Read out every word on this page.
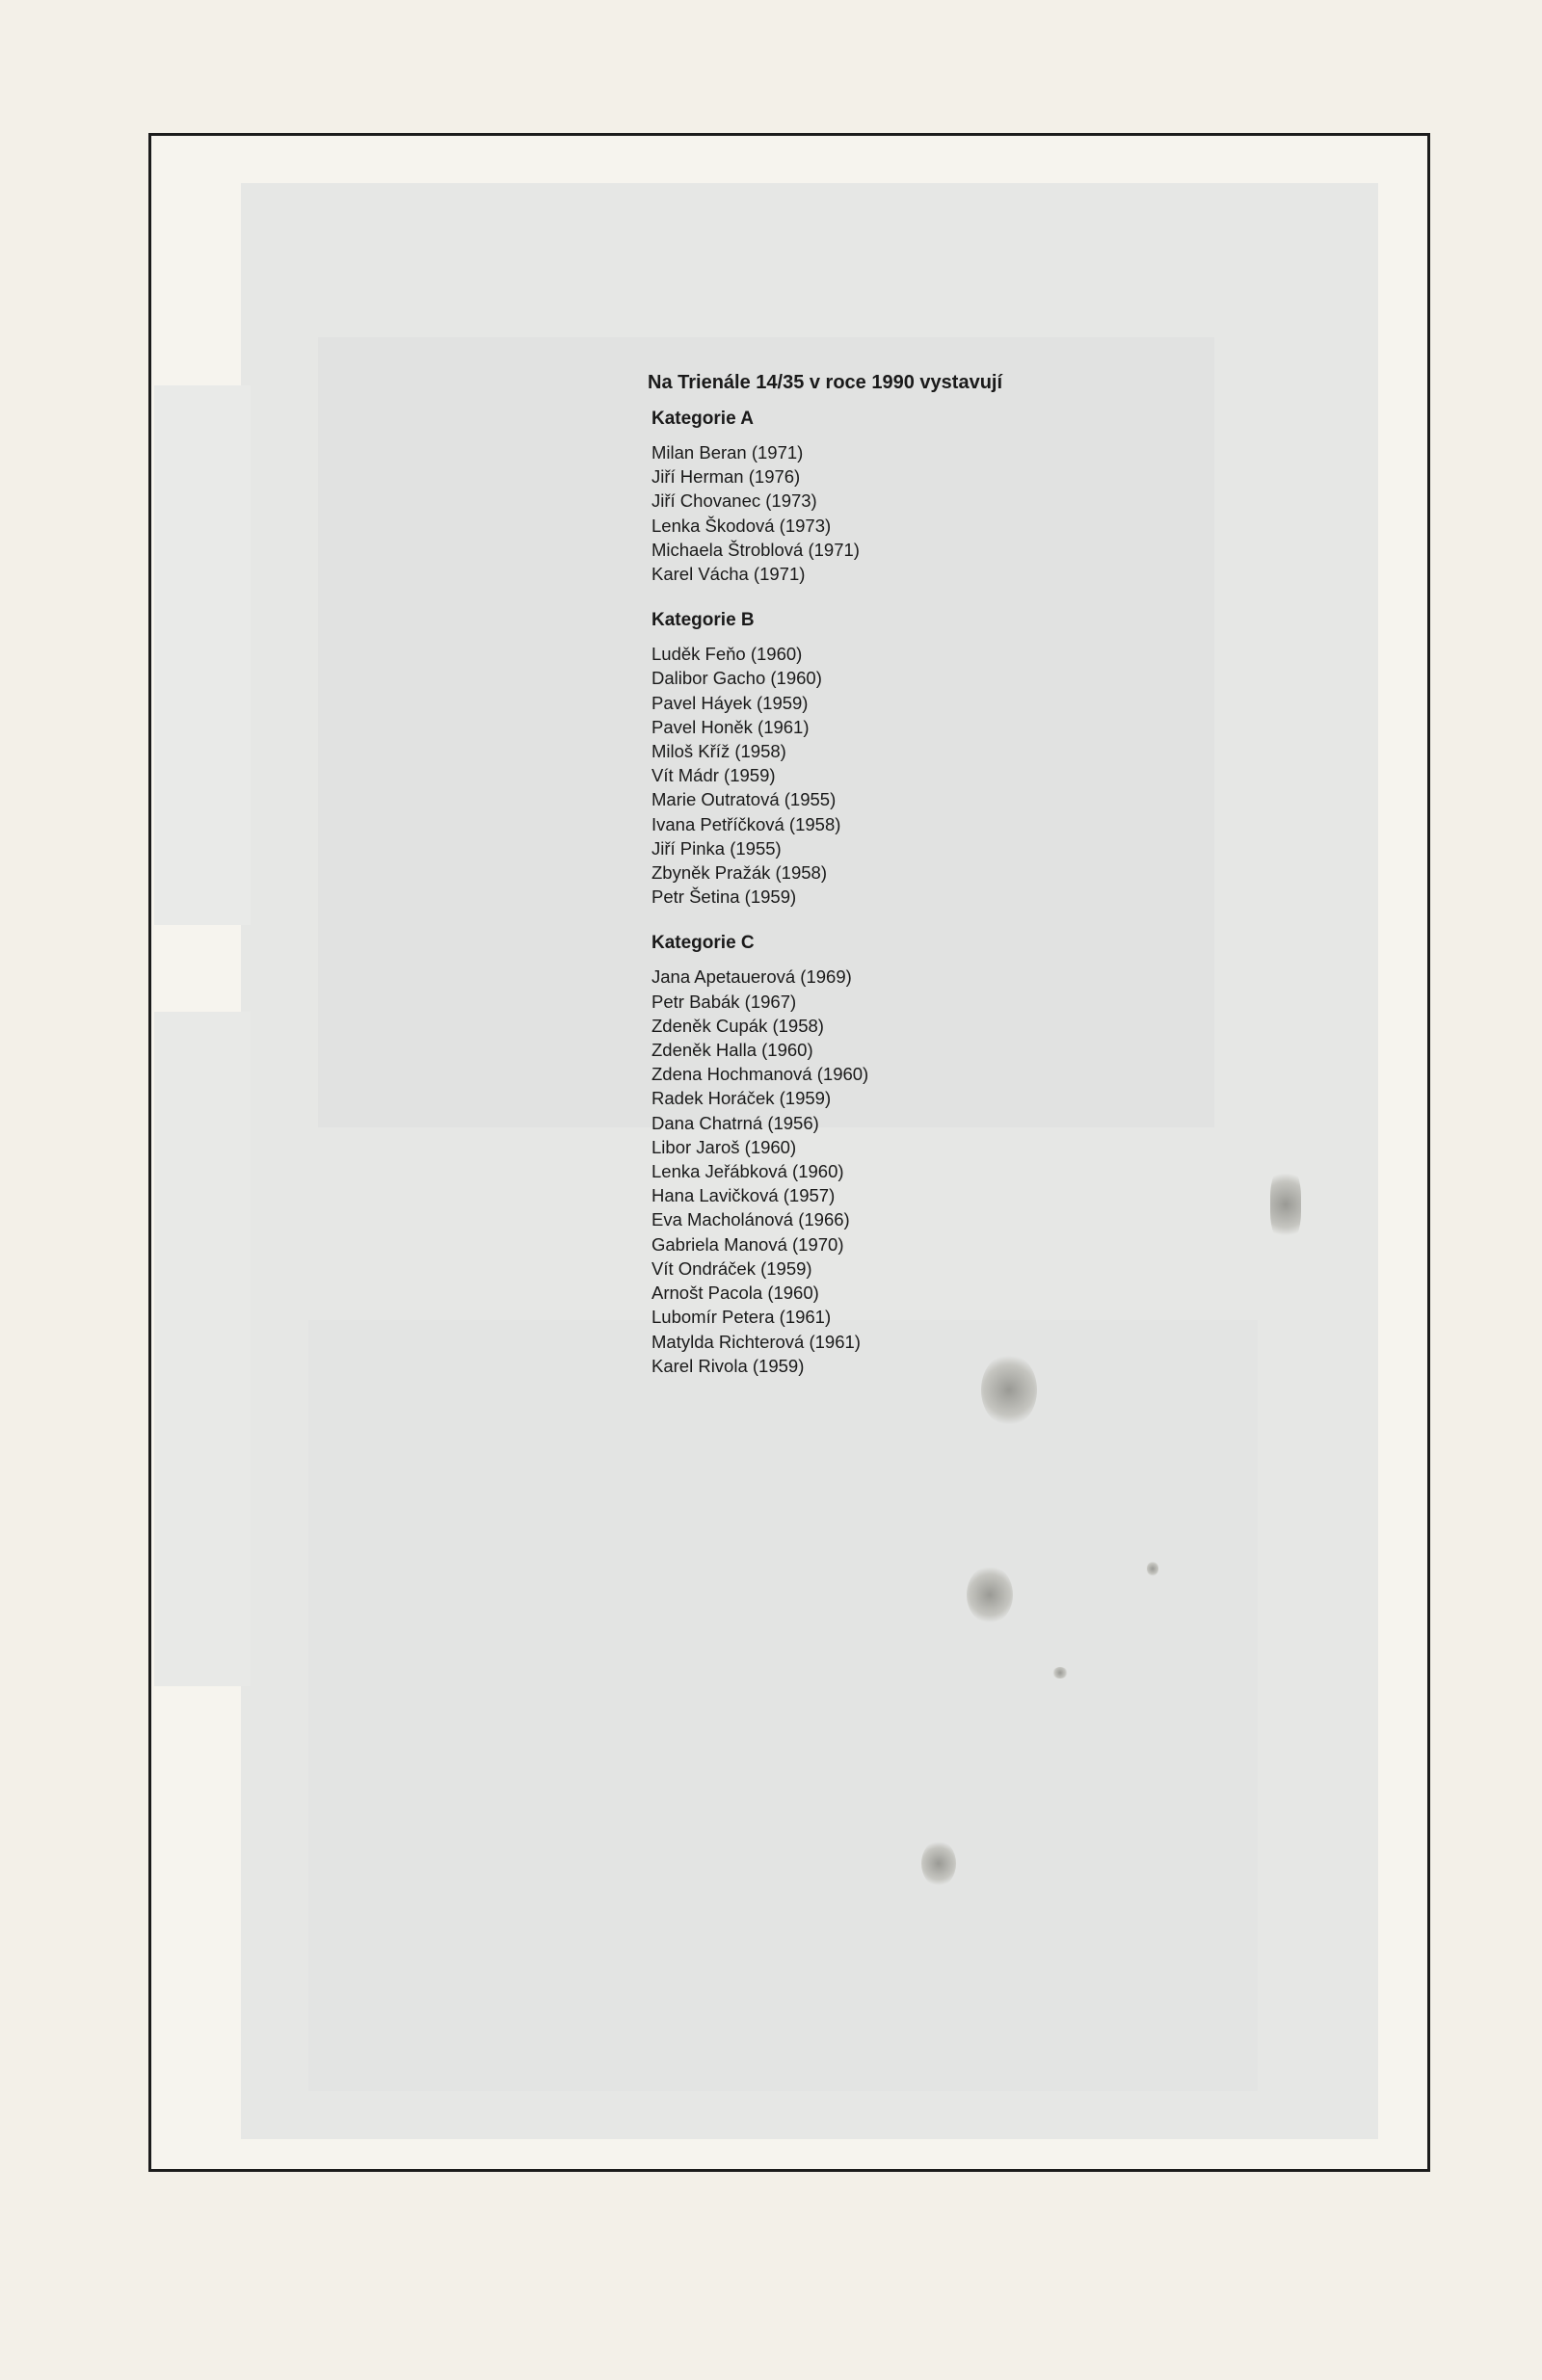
Na Trienále 14/35 v roce 1990 vystavují
Kategorie A
Milan Beran (1971)
Jiří Herman (1976)
Jiří Chovanec (1973)
Lenka Škodová (1973)
Michaela Štroblová (1971)
Karel Vácha (1971)
Kategorie B
Luděk Feňo (1960)
Dalibor Gacho (1960)
Pavel Háyek (1959)
Pavel Honěk (1961)
Miloš Kříž (1958)
Vít Mádr (1959)
Marie Outratová (1955)
Ivana Petříčková (1958)
Jiří Pinka (1955)
Zbyněk Pražák (1958)
Petr Šetina (1959)
Kategorie C
Jana Apetauerová (1969)
Petr Babák (1967)
Zdeněk Cupák (1958)
Zdeněk Halla (1960)
Zdena Hochmanová (1960)
Radek Horáček (1959)
Dana Chatrná (1956)
Libor Jaroš (1960)
Lenka Jeřábková (1960)
Hana Lavičková (1957)
Eva Macholánová (1966)
Gabriela Manová (1970)
Vít Ondráček (1959)
Arnošt Pacola (1960)
Lubomír Petera (1961)
Matylda Richterová (1961)
Karel Rivola (1959)
